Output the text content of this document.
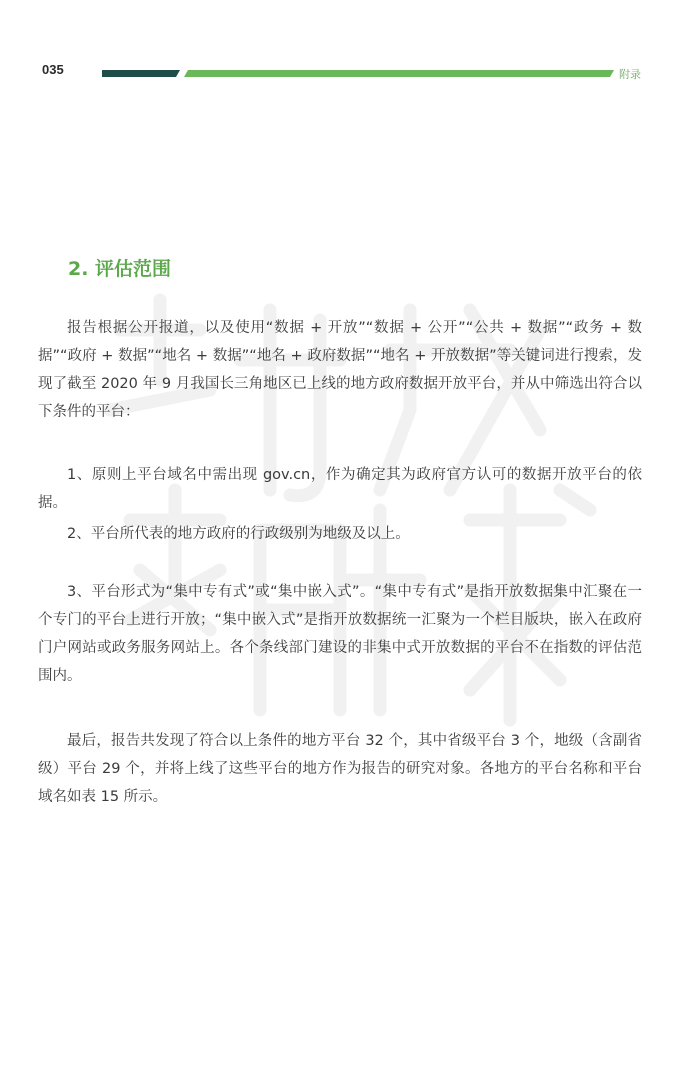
035	附录
2. 评估范围

报告根据公开报道，以及使用“数据 + 开放”“数据 + 公开”“公共 + 数据”“政务 + 数据”“政府 + 数据”“地名 + 数据”“地名 + 政府数据”“地名 + 开放数据”等关键词进行搜索，发现了截至 2020 年 9 月我国长三角地区已上线的地方政府数据开放平台，并从中筛选出符合以下条件的平台：

1、原则上平台域名中需出现 gov.cn，作为确定其为政府官方认可的数据开放平台的依据。

2、平台所代表的地方政府的行政级别为地级及以上。

3、平台形式为“集中专有式”或“集中嵌入式”。“集中专有式”是指开放数据集中汇聚在一个专门的平台上进行开放；“集中嵌入式”是指开放数据统一汇聚为一个栏目版块，嵌入在政府门户网站或政务服务网站上。各个条线部门建设的非集中式开放数据的平台不在指数的评估范围内。

最后，报告共发现了符合以上条件的地方平台 32 个，其中省级平台 3 个，地级（含副省级）平台 29 个，并将上线了这些平台的地方作为报告的研究对象。各地方的平台名称和平台域名如表 15 所示。
